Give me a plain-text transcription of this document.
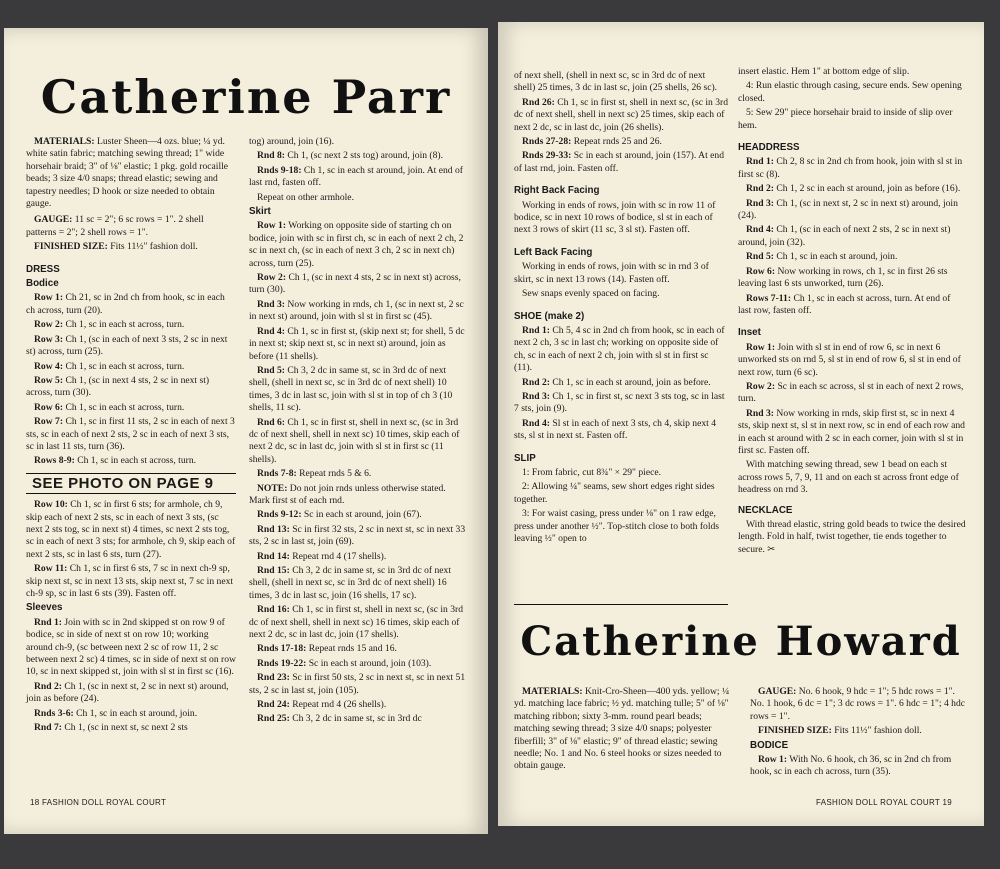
Catherine Parr

MATERIALS: Luster Sheen—4 ozs. blue; ¼ yd. white satin fabric; matching sewing thread; 1" wide horsehair braid; 3" of ⅛" elastic; 1 pkg. gold rocaille beads; 3 size 4/0 snaps; thread elastic; sewing and tapestry needles; D hook or size needed to obtain gauge.

GAUGE: 11 sc = 2"; 6 sc rows = 1". 2 shell patterns = 2"; 2 shell rows = 1".

FINISHED SIZE: Fits 11½" fashion doll.

DRESS

Bodice

Row 1: Ch 21, sc in 2nd ch from hook, sc in each ch across, turn (20).

Row 2: Ch 1, sc in each st across, turn.

Row 3: Ch 1, (sc in each of next 3 sts, 2 sc in next st) across, turn (25).

Row 4: Ch 1, sc in each st across, turn.

Row 5: Ch 1, (sc in next 4 sts, 2 sc in next st) across, turn (30).

Row 6: Ch 1, sc in each st across, turn.

Row 7: Ch 1, sc in first 11 sts, 2 sc in each of next 3 sts, sc in each of next 2 sts, 2 sc in each of next 3 sts, sc in last 11 sts, turn (36).

Rows 8-9: Ch 1, sc in each st across, turn.

SEE PHOTO ON PAGE 9

Row 10: Ch 1, sc in first 6 sts; for armhole, ch 9, skip each of next 2 sts, sc in each of next 3 sts, (sc next 2 sts tog, sc in next st) 4 times, sc next 2 sts tog, sc in each of next 3 sts; for armhole, ch 9, skip each of next 2 sts, sc in last 6 sts, turn (27).

Row 11: Ch 1, sc in first 6 sts, 7 sc in next ch-9 sp, skip next st, sc in next 13 sts, skip next st, 7 sc in next ch-9 sp, sc in last 6 sts (39). Fasten off.

Sleeves

Rnd 1: Join with sc in 2nd skipped st on row 9 of bodice, sc in side of next st on row 10; working around ch-9, (sc between next 2 sc of row 11, 2 sc between next 2 sc) 4 times, sc in side of next st on row 10, sc in next skipped st, join with sl st in first sc (16).

Rnd 2: Ch 1, (sc in next st, 2 sc in next st) around, join as before (24).

Rnds 3-6: Ch 1, sc in each st around, join.

Rnd 7: Ch 1, (sc in next st, sc next 2 sts

tog) around, join (16).

Rnd 8: Ch 1, (sc next 2 sts tog) around, join (8).

Rnds 9-18: Ch 1, sc in each st around, join. At end of last rnd, fasten off.

Repeat on other armhole.

Skirt

Row 1: Working on opposite side of starting ch on bodice, join with sc in first ch, sc in each of next 2 ch, 2 sc in next ch, (sc in each of next 3 ch, 2 sc in next ch) across, turn (25).

Row 2: Ch 1, (sc in next 4 sts, 2 sc in next st) across, turn (30).

Rnd 3: Now working in rnds, ch 1, (sc in next st, 2 sc in next st) around, join with sl st in first sc (45).

Rnd 4: Ch 1, sc in first st, (skip next st; for shell, 5 dc in next st; skip next st, sc in next st) around, join as before (11 shells).

Rnd 5: Ch 3, 2 dc in same st, sc in 3rd dc of next shell, (shell in next sc, sc in 3rd dc of next shell) 10 times, 3 dc in last sc, join with sl st in top of ch 3 (10 shells, 11 sc).

Rnd 6: Ch 1, sc in first st, shell in next sc, (sc in 3rd dc of next shell, shell in next sc) 10 times, skip each of next 2 dc, sc in last dc, join with sl st in first sc (11 shells).

Rnds 7-8: Repeat rnds 5 & 6.

NOTE: Do not join rnds unless otherwise stated. Mark first st of each rnd.

Rnds 9-12: Sc in each st around, join (67).

Rnd 13: Sc in first 32 sts, 2 sc in next st, sc in next 33 sts, 2 sc in last st, join (69).

Rnd 14: Repeat rnd 4 (17 shells).

Rnd 15: Ch 3, 2 dc in same st, sc in 3rd dc of next shell, (shell in next sc, sc in 3rd dc of next shell) 16 times, 3 dc in last sc, join (16 shells, 17 sc).

Rnd 16: Ch 1, sc in first st, shell in next sc, (sc in 3rd dc of next shell, shell in next sc) 16 times, skip each of next 2 dc, sc in last dc, join (17 shells).

Rnds 17-18: Repeat rnds 15 and 16.

Rnds 19-22: Sc in each st around, join (103).

Rnd 23: Sc in first 50 sts, 2 sc in next st, sc in next 51 sts, 2 sc in last st, join (105).

Rnd 24: Repeat rnd 4 (26 shells).

Rnd 25: Ch 3, 2 dc in same st, sc in 3rd dc

18 FASHION DOLL ROYAL COURT

of next shell, (shell in next sc, sc in 3rd dc of next shell) 25 times, 3 dc in last sc, join (25 shells, 26 sc).

Rnd 26: Ch 1, sc in first st, shell in next sc, (sc in 3rd dc of next shell, shell in next sc) 25 times, skip each of next 2 dc, sc in last dc, join (26 shells).

Rnds 27-28: Repeat rnds 25 and 26.

Rnds 29-33: Sc in each st around, join (157). At end of last rnd, join. Fasten off.

Right Back Facing

Working in ends of rows, join with sc in row 11 of bodice, sc in next 10 rows of bodice, sl st in each of next 3 rows of skirt (11 sc, 3 sl st). Fasten off.

Left Back Facing

Working in ends of rows, join with sc in rnd 3 of skirt, sc in next 13 rows (14). Fasten off.

Sew snaps evenly spaced on facing.

SHOE (make 2)

Rnd 1: Ch 5, 4 sc in 2nd ch from hook, sc in each of next 2 ch, 3 sc in last ch; working on opposite side of ch, sc in each of next 2 ch, join with sl st in first sc (11).

Rnd 2: Ch 1, sc in each st around, join as before.

Rnd 3: Ch 1, sc in first st, sc next 3 sts tog, sc in last 7 sts, join (9).

Rnd 4: Sl st in each of next 3 sts, ch 4, skip next 4 sts, sl st in next st. Fasten off.

SLIP

1: From fabric, cut 8¾" × 29" piece.

2: Allowing ¼" seams, sew short edges right sides together.

3: For waist casing, press under ⅛" on 1 raw edge, press under another ½". Top-stitch close to both folds leaving ½" open to

insert elastic. Hem 1" at bottom edge of slip.

4: Run elastic through casing, secure ends. Sew opening closed.

5: Sew 29" piece horsehair braid to inside of slip over hem.

HEADDRESS

Rnd 1: Ch 2, 8 sc in 2nd ch from hook, join with sl st in first sc (8).

Rnd 2: Ch 1, 2 sc in each st around, join as before (16).

Rnd 3: Ch 1, (sc in next st, 2 sc in next st) around, join (24).

Rnd 4: Ch 1, (sc in each of next 2 sts, 2 sc in next st) around, join (32).

Rnd 5: Ch 1, sc in each st around, join.

Row 6: Now working in rows, ch 1, sc in first 26 sts leaving last 6 sts unworked, turn (26).

Rows 7-11: Ch 1, sc in each st across, turn. At end of last row, fasten off.

Inset

Row 1: Join with sl st in end of row 6, sc in next 6 unworked sts on rnd 5, sl st in end of row 6, sl st in end of next row, turn (6 sc).

Row 2: Sc in each sc across, sl st in each of next 2 rows, turn.

Rnd 3: Now working in rnds, skip first st, sc in next 4 sts, skip next st, sl st in next row, sc in end of each row and in each st around with 2 sc in each corner, join with sl st in first sc. Fasten off.

With matching sewing thread, sew 1 bead on each st across rows 5, 7, 9, 11 and on each st across front edge of headress on rnd 3.

NECKLACE

With thread elastic, string gold beads to twice the desired length. Fold in half, twist together, tie ends together to secure. ✂

Catherine Howard

MATERIALS: Knit-Cro-Sheen—400 yds. yellow; ¼ yd. matching lace fabric; ½ yd. matching tulle; 5" of ⅛" matching ribbon; sixty 3-mm. round pearl beads; matching sewing thread; 3 size 4/0 snaps; polyester fiberfill; 3" of ⅛" elastic; 9" of thread elastic; sewing needle; No. 1 and No. 6 steel hooks or sizes needed to obtain gauge.

GAUGE: No. 6 hook, 9 hdc = 1"; 5 hdc rows = 1". No. 1 hook, 6 dc = 1"; 3 dc rows = 1". 6 hdc = 1"; 4 hdc rows = 1".

FINISHED SIZE: Fits 11½" fashion doll.

BODICE

Row 1: With No. 6 hook, ch 36, sc in 2nd ch from hook, sc in each ch across, turn (35).

FASHION DOLL ROYAL COURT 19
